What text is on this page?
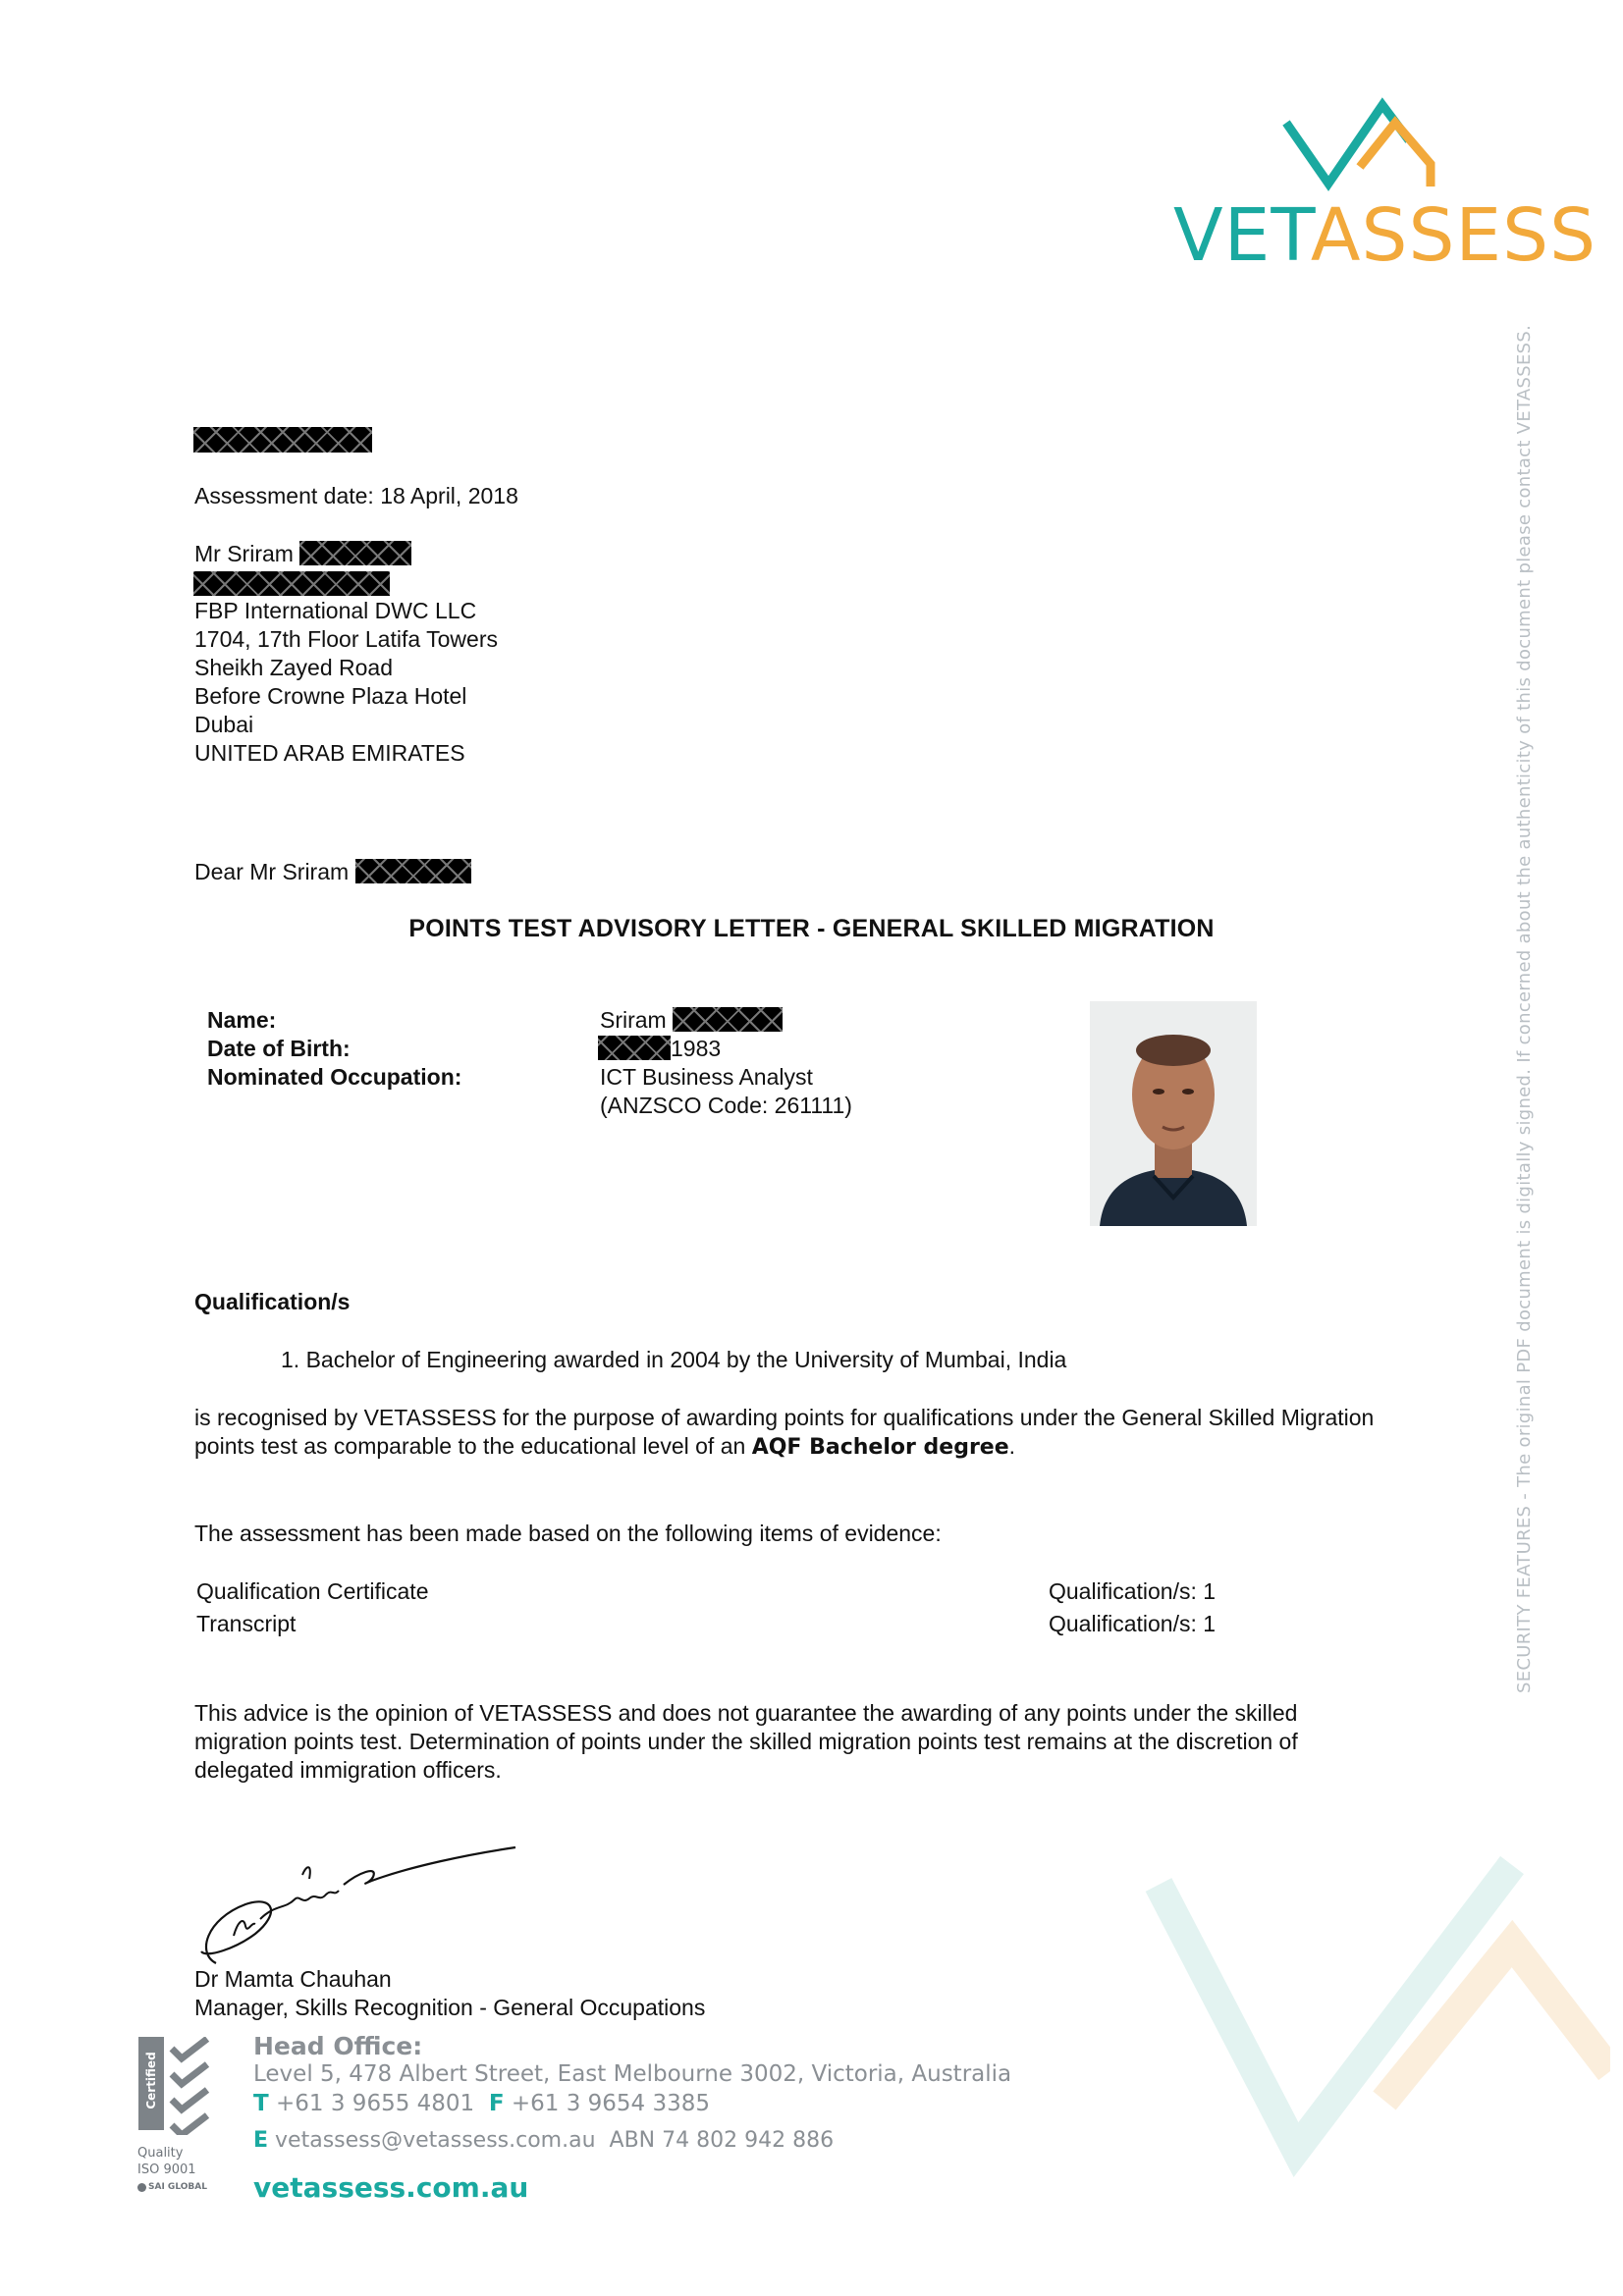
VETASSESS
SECURITY FEATURES - The original PDF document is digitally signed. If concerned about the authenticity of this document please contact VETASSESS.
Assessment date: 18 April, 2018
Mr Sriram
FBP International DWC LLC
1704, 17th Floor Latifa Towers
Sheikh Zayed Road
Before Crowne Plaza Hotel
Dubai
UNITED ARAB EMIRATES
Dear Mr Sriram
POINTS TEST ADVISORY LETTER - GENERAL SKILLED MIGRATION
Name:
Date of Birth:
Nominated Occupation:
Sriram
1983
ICT Business Analyst
(ANZSCO Code: 261111)
Qualification/s
1. Bachelor of Engineering awarded in 2004 by the University of Mumbai, India
is recognised by VETASSESS for the purpose of awarding points for qualifications under the General Skilled Migration
points test as comparable to the educational level of an AQF Bachelor degree.
The assessment has been made based on the following items of evidence:
Qualification Certificate	Qualification/s: 1
Transcript	Qualification/s: 1
This advice is the opinion of VETASSESS and does not guarantee the awarding of any points under the skilled
migration points test. Determination of points under the skilled migration points test remains at the discretion of
delegated immigration officers.
Dr Mamta Chauhan
Manager, Skills Recognition - General Occupations
Certified System
Quality
ISO 9001
SAI GLOBAL
Head Office:
Level 5, 478 Albert Street, East Melbourne 3002, Victoria, Australia
T +61 3 9655 4801 F +61 3 9654 3385
E vetassess@vetassess.com.au ABN 74 802 942 886
vetassess.com.au
